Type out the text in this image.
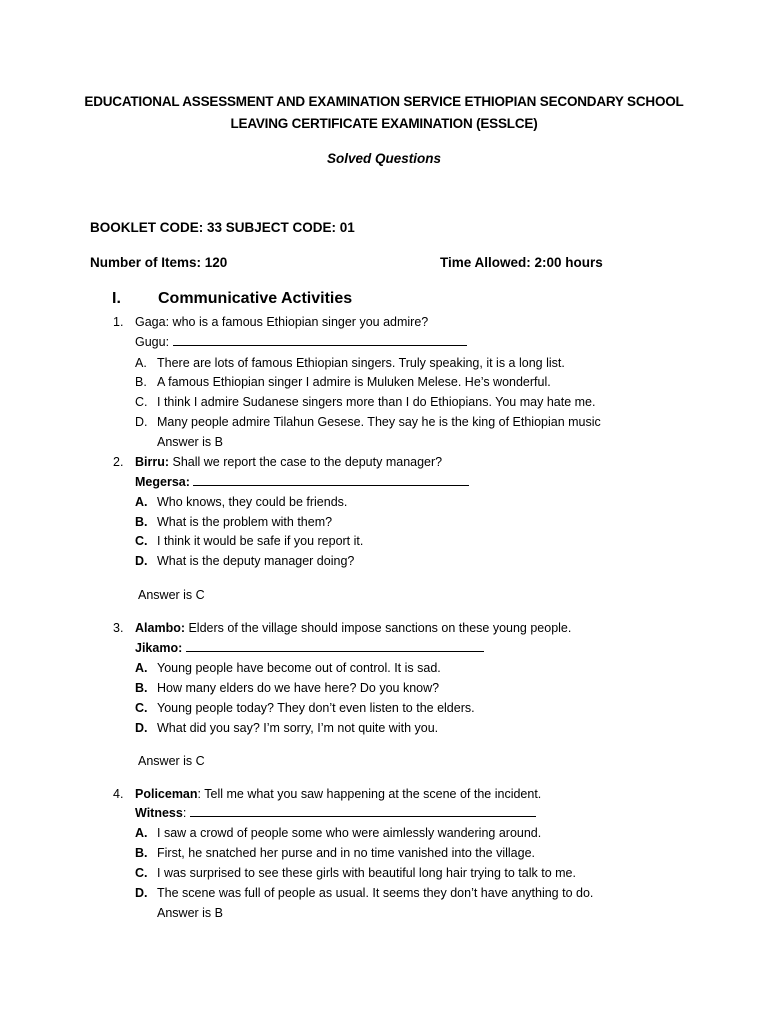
EDUCATIONAL ASSESSMENT AND EXAMINATION SERVICE ETHIOPIAN SECONDARY SCHOOL
LEAVING CERTIFICATE EXAMINATION (ESSLCE)
Solved Questions
BOOKLET CODE: 33 SUBJECT CODE: 01
Number of Items: 120	Time Allowed: 2:00 hours
I. Communicative Activities
1. Gaga: who is a famous Ethiopian singer you admire?
Gugu:
A. There are lots of famous Ethiopian singers. Truly speaking, it is a long list.
B. A famous Ethiopian singer I admire is Muluken Melese. He’s wonderful.
C. I think I admire Sudanese singers more than I do Ethiopians. You may hate me.
D. Many people admire Tilahun Gesese. They say he is the king of Ethiopian music
Answer is B
2. Birru: Shall we report the case to the deputy manager?
Megersa:
A. Who knows, they could be friends.
B. What is the problem with them?
C. I think it would be safe if you report it.
D. What is the deputy manager doing?
Answer is C
3. Alambo: Elders of the village should impose sanctions on these young people.
Jikamo:
A. Young people have become out of control. It is sad.
B. How many elders do we have here? Do you know?
C. Young people today? They don’t even listen to the elders.
D. What did you say? I’m sorry, I’m not quite with you.
Answer is C
4. Policeman: Tell me what you saw happening at the scene of the incident.
Witness:
A. I saw a crowd of people some who were aimlessly wandering around.
B. First, he snatched her purse and in no time vanished into the village.
C. I was surprised to see these girls with beautiful long hair trying to talk to me.
D. The scene was full of people as usual. It seems they don’t have anything to do.
Answer is B
